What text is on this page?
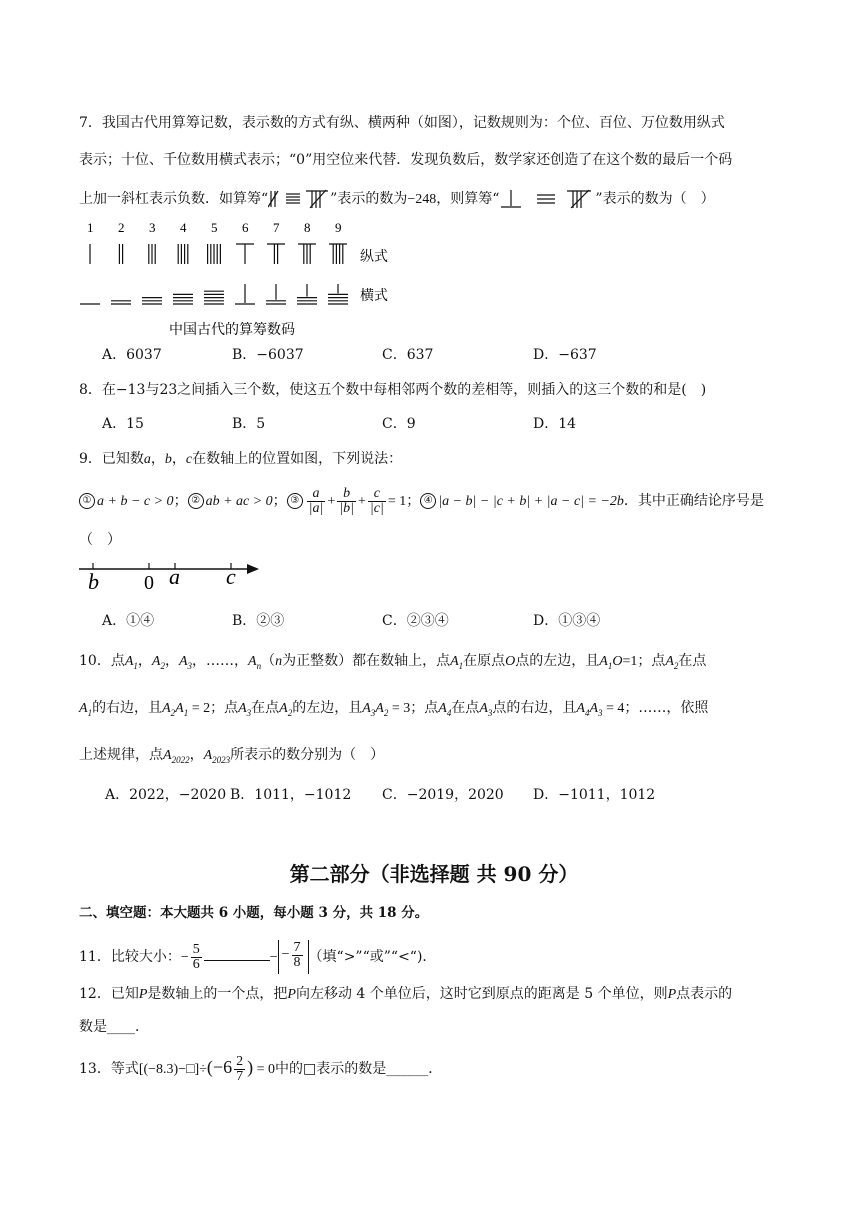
7．我国古代用算筹记数，表示数的方式有纵、横两种（如图），记数规则为：个位、百位、万位数用纵式
表示；十位、千位数用横式表示；“0”用空位来代替．发现负数后，数学家还创造了在这个数的最后一个码
上加一斜杠表示负数．如算筹“	”表示的数为−248，则算筹“	”表示的数为（　）
1 2 3 4 5 6 7 8 9
纵式
横式
中国古代的算筹数码
A．6037	B．−6037	C．637	D．−637
8．在−13与23之间插入三个数，使这五个数中每相邻两个数的差相等，则插入的这三个数的和是(　)
A．15	B．5	C．9	D．14
9．已知数a，b，c在数轴上的位置如图，下列说法：
① a + b − c > 0； ② ab + ac > 0； ③ $\frac{a}{|a|} + \frac{b}{|b|} + \frac{c}{|c|} = 1$； ④ |a − b| − |c + b| + |a − c| = −2b．其中正确结论序号是
（　）
b 0 a c
A．①④	B．②③	C．②③④	D．①③④
10．点$A_1$，$A_2$，$A_3$，……，$A_n(n$为正整数）都在数轴上，点$A_1$在原点O点的左边，且$A_1O=1$；点$A_2$在点
$A_1$的右边，且$A_2A_1 = 2$；点$A_3$在点$A_2$的左边，且$A_3A_2 = 3$；点$A_4$在点$A_3$点的右边，且$A_4A_3 = 4$；……，依照
上述规律，点$A_{2022}$，$A_{2023}$所表示的数分别为（　）
A．2022，−2020 B．1011，−1012 C．−2019，2020 D．−1011，1012
第二部分（非选择题 共 90 分）
二、填空题：本大题共 6 小题，每小题 3 分，共 18 分。
11．比较大小：− $\frac{5}{6}$	− − $\frac{7}{8}$ （填“>”“或”“<“)．
12．已知P是数轴上的一个点，把P向左移动 4 个单位后，这时它到原点的距离是 5 个单位，则P点表示的
数是____．
13．等式[(−8.3)−□]÷(−6 $\frac{2}{7}$ ) = 0中的□表示的数是______．
